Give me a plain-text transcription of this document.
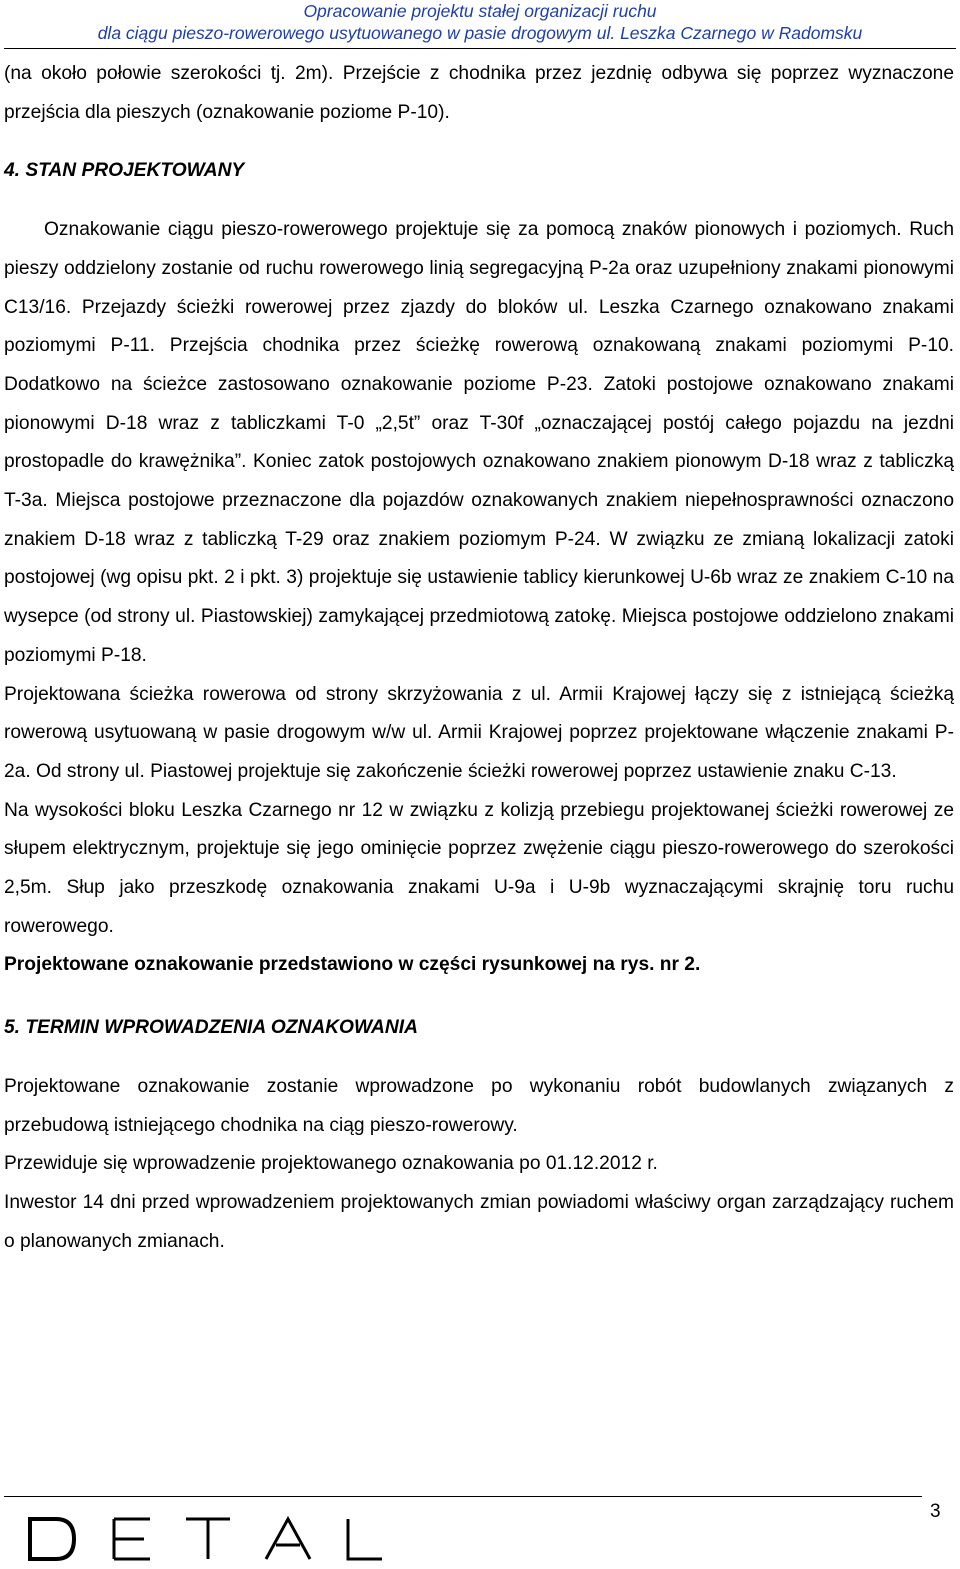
Opracowanie projektu stałej organizacji ruchu
dla ciągu pieszo-rowerowego usytuowanego w pasie drogowym ul. Leszka Czarnego w Radomsku

(na około połowie szerokości tj. 2m). Przejście z chodnika przez jezdnię odbywa się poprzez wyznaczone przejścia dla pieszych (oznakowanie poziome P-10).

4. STAN PROJEKTOWANY

Oznakowanie ciągu pieszo-rowerowego projektuje się za pomocą znaków pionowych i poziomych. Ruch pieszy oddzielony zostanie od ruchu rowerowego linią segregacyjną P-2a oraz uzupełniony znakami pionowymi C13/16. Przejazdy ścieżki rowerowej przez zjazdy do bloków ul. Leszka Czarnego oznakowano znakami poziomymi P-11. Przejścia chodnika przez ścieżkę rowerową oznakowaną znakami poziomymi P-10. Dodatkowo na ścieżce zastosowano oznakowanie poziome P-23. Zatoki postojowe oznakowano znakami pionowymi D-18 wraz z tabliczkami T-0 „2,5t” oraz T-30f „oznaczającej postój całego pojazdu na jezdni prostopadle do krawężnika”. Koniec zatok postojowych oznakowano znakiem pionowym D-18 wraz z tabliczką T-3a. Miejsca postojowe przeznaczone dla pojazdów oznakowanych znakiem niepełnosprawności oznaczono znakiem D-18 wraz z tabliczką T-29 oraz znakiem poziomym P-24. W związku ze zmianą lokalizacji zatoki postojowej (wg opisu pkt. 2 i pkt. 3) projektuje się ustawienie tablicy kierunkowej U-6b wraz ze znakiem C-10 na wysepce (od strony ul. Piastowskiej) zamykającej przedmiotową zatokę. Miejsca postojowe oddzielono znakami poziomymi P-18.

Projektowana ścieżka rowerowa od strony skrzyżowania z ul. Armii Krajowej łączy się z istniejącą ścieżką rowerową usytuowaną w pasie drogowym w/w ul. Armii Krajowej poprzez projektowane włączenie znakami P-2a. Od strony ul. Piastowej projektuje się zakończenie ścieżki rowerowej poprzez ustawienie znaku C-13.

Na wysokości bloku Leszka Czarnego nr 12 w związku z kolizją przebiegu projektowanej ścieżki rowerowej ze słupem elektrycznym, projektuje się jego ominięcie poprzez zwężenie ciągu pieszo-rowerowego do szerokości 2,5m. Słup jako przeszkodę oznakowania znakami U-9a i U-9b wyznaczającymi skrajnię toru ruchu rowerowego.

Projektowane oznakowanie przedstawiono w części rysunkowej na rys. nr 2.

5. TERMIN WPROWADZENIA OZNAKOWANIA

Projektowane oznakowanie zostanie wprowadzone po wykonaniu robót budowlanych związanych z przebudową istniejącego chodnika na ciąg pieszo-rowerowy.

Przewiduje się wprowadzenie projektowanego oznakowania po 01.12.2012 r.

Inwestor 14 dni przed wprowadzeniem projektowanych zmian powiadomi właściwy organ zarządzający ruchem o planowanych zmianach.

3
